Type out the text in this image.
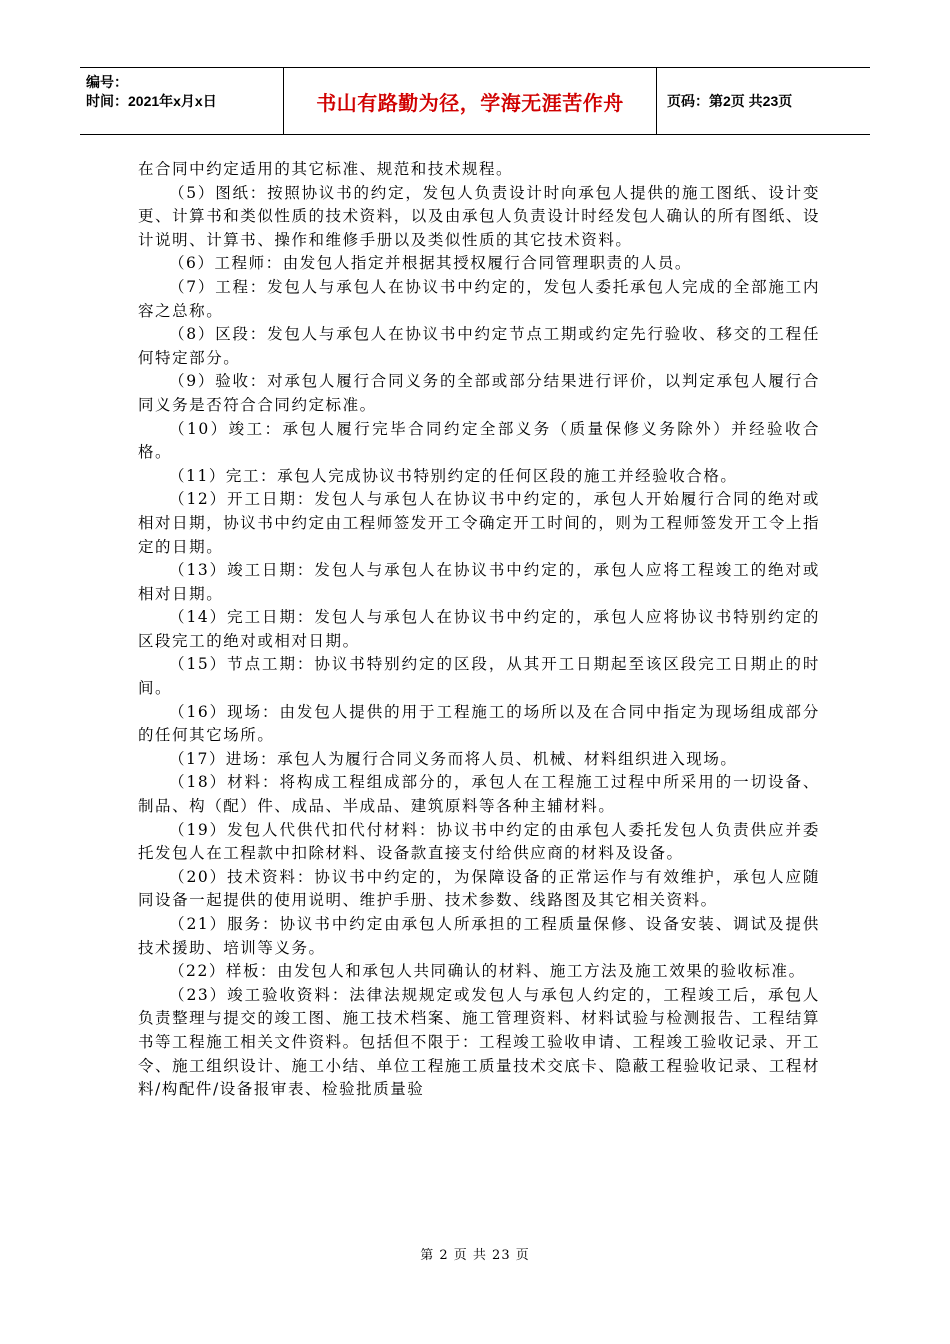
编号：
时间：2021年x月x日	书山有路勤为径，学海无涯苦作舟	页码：第2页 共23页

在合同中约定适用的其它标准、规范和技术规程。

（5）图纸：按照协议书的约定，发包人负责设计时向承包人提供的施工图纸、设计变更、计算书和类似性质的技术资料，以及由承包人负责设计时经发包人确认的所有图纸、设计说明、计算书、操作和维修手册以及类似性质的其它技术资料。

（6）工程师：由发包人指定并根据其授权履行合同管理职责的人员。

（7）工程：发包人与承包人在协议书中约定的，发包人委托承包人完成的全部施工内容之总称。

（8）区段：发包人与承包人在协议书中约定节点工期或约定先行验收、移交的工程任何特定部分。

（9）验收：对承包人履行合同义务的全部或部分结果进行评价，以判定承包人履行合同义务是否符合合同约定标准。

（10）竣工：承包人履行完毕合同约定全部义务（质量保修义务除外）并经验收合格。

（11）完工：承包人完成协议书特别约定的任何区段的施工并经验收合格。

（12）开工日期：发包人与承包人在协议书中约定的，承包人开始履行合同的绝对或相对日期，协议书中约定由工程师签发开工令确定开工时间的，则为工程师签发开工令上指定的日期。

（13）竣工日期：发包人与承包人在协议书中约定的，承包人应将工程竣工的绝对或相对日期。

（14）完工日期：发包人与承包人在协议书中约定的，承包人应将协议书特别约定的区段完工的绝对或相对日期。

（15）节点工期：协议书特别约定的区段，从其开工日期起至该区段完工日期止的时间。

（16）现场：由发包人提供的用于工程施工的场所以及在合同中指定为现场组成部分的任何其它场所。

（17）进场：承包人为履行合同义务而将人员、机械、材料组织进入现场。

（18）材料：将构成工程组成部分的，承包人在工程施工过程中所采用的一切设备、制品、构（配）件、成品、半成品、建筑原料等各种主辅材料。

（19）发包人代供代扣代付材料：协议书中约定的由承包人委托发包人负责供应并委托发包人在工程款中扣除材料、设备款直接支付给供应商的材料及设备。

（20）技术资料：协议书中约定的，为保障设备的正常运作与有效维护，承包人应随同设备一起提供的使用说明、维护手册、技术参数、线路图及其它相关资料。

（21）服务：协议书中约定由承包人所承担的工程质量保修、设备安装、调试及提供技术援助、培训等义务。

（22）样板：由发包人和承包人共同确认的材料、施工方法及施工效果的验收标准。

（23）竣工验收资料：法律法规规定或发包人与承包人约定的，工程竣工后，承包人负责整理与提交的竣工图、施工技术档案、施工管理资料、材料试验与检测报告、工程结算书等工程施工相关文件资料。包括但不限于：工程竣工验收申请、工程竣工验收记录、开工令、施工组织设计、施工小结、单位工程施工质量技术交底卡、隐蔽工程验收记录、工程材料/构配件/设备报审表、检验批质量验

第 2 页 共 23 页
